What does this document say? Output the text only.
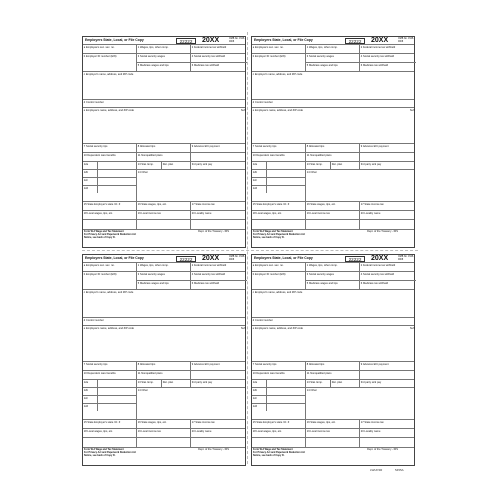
Employers State, Local, or File Copy	22222	20XX	OMB No. 1545-0008
a Employee's soc. sec. no.	1 Wages, tips, other comp.	2 Federal income tax withheld
b Employer ID number (EIN)	3 Social security wages	4 Social security tax withheld
5 Medicare wages and tips	6 Medicare tax withheld
c Employer's name, address, and ZIP code
d Control number
e Employee's name, address, and ZIP code	Suff.
7 Social security tips	8 Allocated tips	9 Advance EIC payment
10 Dependent care benefits	11 Nonqualified plans
12a	13 Stat. Emp.	Ret. plan	3rd party sick pay
12b	14 Other
12c
12d
15 State Employer's state I.D. #	16 State wages, tips, etc.	17 State income tax
18 Local wages, tips, etc.	19 Local income tax	20 Locality name
Form W-2 Wage and Tax Statement
For Privacy Act and Paperwork Reduction Act
Notice, see back of Copy D.
Dept. of the Treasury - IRS
Employers State, Local, or File Copy	22222	20XX	OMB No. 1545-0008
a Employee's soc. sec. no.	1 Wages, tips, other comp.	2 Federal income tax withheld
b Employer ID number (EIN)	3 Social security wages	4 Social security tax withheld
5 Medicare wages and tips	6 Medicare tax withheld
c Employer's name, address, and ZIP code
d Control number
e Employee's name, address, and ZIP code	Suff.
7 Social security tips	8 Allocated tips	9 Advance EIC payment
10 Dependent care benefits	11 Nonqualified plans
12a	13 Stat. Emp.	Ret. plan	3rd party sick pay
12b	14 Other
12c
12d
15 State Employer's state I.D. #	16 State wages, tips, etc.	17 State income tax
18 Local wages, tips, etc.	19 Local income tax	20 Locality name
Form W-2 Wage and Tax Statement
For Privacy Act and Paperwork Reduction Act
Notice, see back of Copy D.
Dept. of the Treasury - IRS
Employers State, Local, or File Copy	22222	20XX	OMB No. 1545-0008
a Employee's soc. sec. no.	1 Wages, tips, other comp.	2 Federal income tax withheld
b Employer ID number (EIN)	3 Social security wages	4 Social security tax withheld
5 Medicare wages and tips	6 Medicare tax withheld
c Employer's name, address, and ZIP code
d Control number
e Employee's name, address, and ZIP code	Suff.
7 Social security tips	8 Allocated tips	9 Advance EIC payment
10 Dependent care benefits	11 Nonqualified plans
12a	13 Stat. Emp.	Ret. plan	3rd party sick pay
12b	14 Other
12c
12d
15 State Employer's state I.D. #	16 State wages, tips, etc.	17 State income tax
18 Local wages, tips, etc.	19 Local income tax	20 Locality name
Form W-2 Wage and Tax Statement
For Privacy Act and Paperwork Reduction Act
Notice, see back of Copy D.
Dept. of the Treasury - IRS
Employers State, Local, or File Copy	22222	20XX	OMB No. 1545-0008
a Employee's soc. sec. no.	1 Wages, tips, other comp.	2 Federal income tax withheld
b Employer ID number (EIN)	3 Social security wages	4 Social security tax withheld
5 Medicare wages and tips	6 Medicare tax withheld
c Employer's name, address, and ZIP code
d Control number
e Employee's name, address, and ZIP code	Suff.
7 Social security tips	8 Allocated tips	9 Advance EIC payment
10 Dependent care benefits	11 Nonqualified plans
12a	13 Stat. Emp.	Ret. plan	3rd party sick pay
12b	14 Other
12c
12d
15 State Employer's state I.D. #	16 State wages, tips, etc.	17 State income tax
18 Local wages, tips, etc.	19 Local income tax	20 Locality name
Form W-2 Wage and Tax Statement
For Privacy Act and Paperwork Reduction Act
Notice, see back of Copy D.
Dept. of the Treasury - IRS
LWUP4R	5455A
